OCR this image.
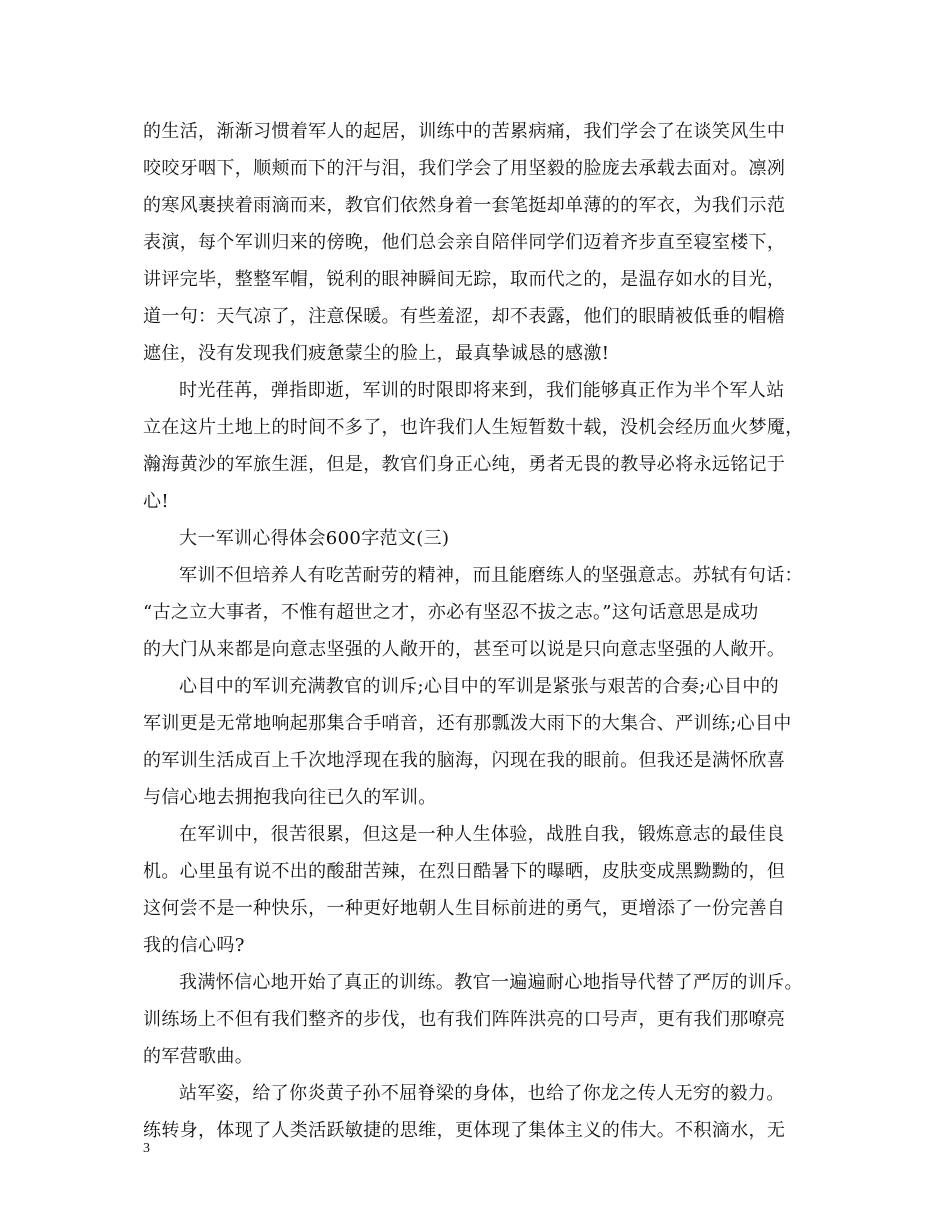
的生活，渐渐习惯着军人的起居，训练中的苦累病痛，我们学会了在谈笑风生中
咬咬牙咽下，顺颊而下的汗与泪，我们学会了用坚毅的脸庞去承载去面对。凛冽
的寒风裹挟着雨滴而来，教官们依然身着一套笔挺却单薄的的军衣，为我们示范
表演，每个军训归来的傍晚，他们总会亲自陪伴同学们迈着齐步直至寝室楼下，
讲评完毕，整整军帽，锐利的眼神瞬间无踪，取而代之的，是温存如水的目光，
道一句：天气凉了，注意保暖。有些羞涩，却不表露，他们的眼睛被低垂的帽檐
遮住，没有发现我们疲惫蒙尘的脸上，最真挚诚恳的感激!
时光荏苒，弹指即逝，军训的时限即将来到，我们能够真正作为半个军人站
立在这片土地上的时间不多了，也许我们人生短暂数十载，没机会经历血火梦魇，
瀚海黄沙的军旅生涯，但是，教官们身正心纯，勇者无畏的教导必将永远铭记于
心!
大一军训心得体会600字范文(三)
军训不但培养人有吃苦耐劳的精神，而且能磨练人的坚强意志。苏轼有句话：
“古之立大事者，不惟有超世之才，亦必有坚忍不拔之志。”这句话意思是成功
的大门从来都是向意志坚强的人敞开的，甚至可以说是只向意志坚强的人敞开。
心目中的军训充满教官的训斥;心目中的军训是紧张与艰苦的合奏;心目中的
军训更是无常地响起那集合手哨音，还有那瓢泼大雨下的大集合、严训练;心目中
的军训生活成百上千次地浮现在我的脑海，闪现在我的眼前。但我还是满怀欣喜
与信心地去拥抱我向往已久的军训。
在军训中，很苦很累，但这是一种人生体验，战胜自我，锻炼意志的最佳良
机。心里虽有说不出的酸甜苦辣，在烈日酷暑下的曝晒，皮肤变成黑黝黝的，但
这何尝不是一种快乐，一种更好地朝人生目标前进的勇气，更增添了一份完善自
我的信心吗?
我满怀信心地开始了真正的训练。教官一遍遍耐心地指导代替了严厉的训斥。
训练场上不但有我们整齐的步伐，也有我们阵阵洪亮的口号声，更有我们那嘹亮
的军营歌曲。
站军姿，给了你炎黄子孙不屈脊梁的身体，也给了你龙之传人无穷的毅力。
练转身，体现了人类活跃敏捷的思维，更体现了集体主义的伟大。不积滴水，无
3
